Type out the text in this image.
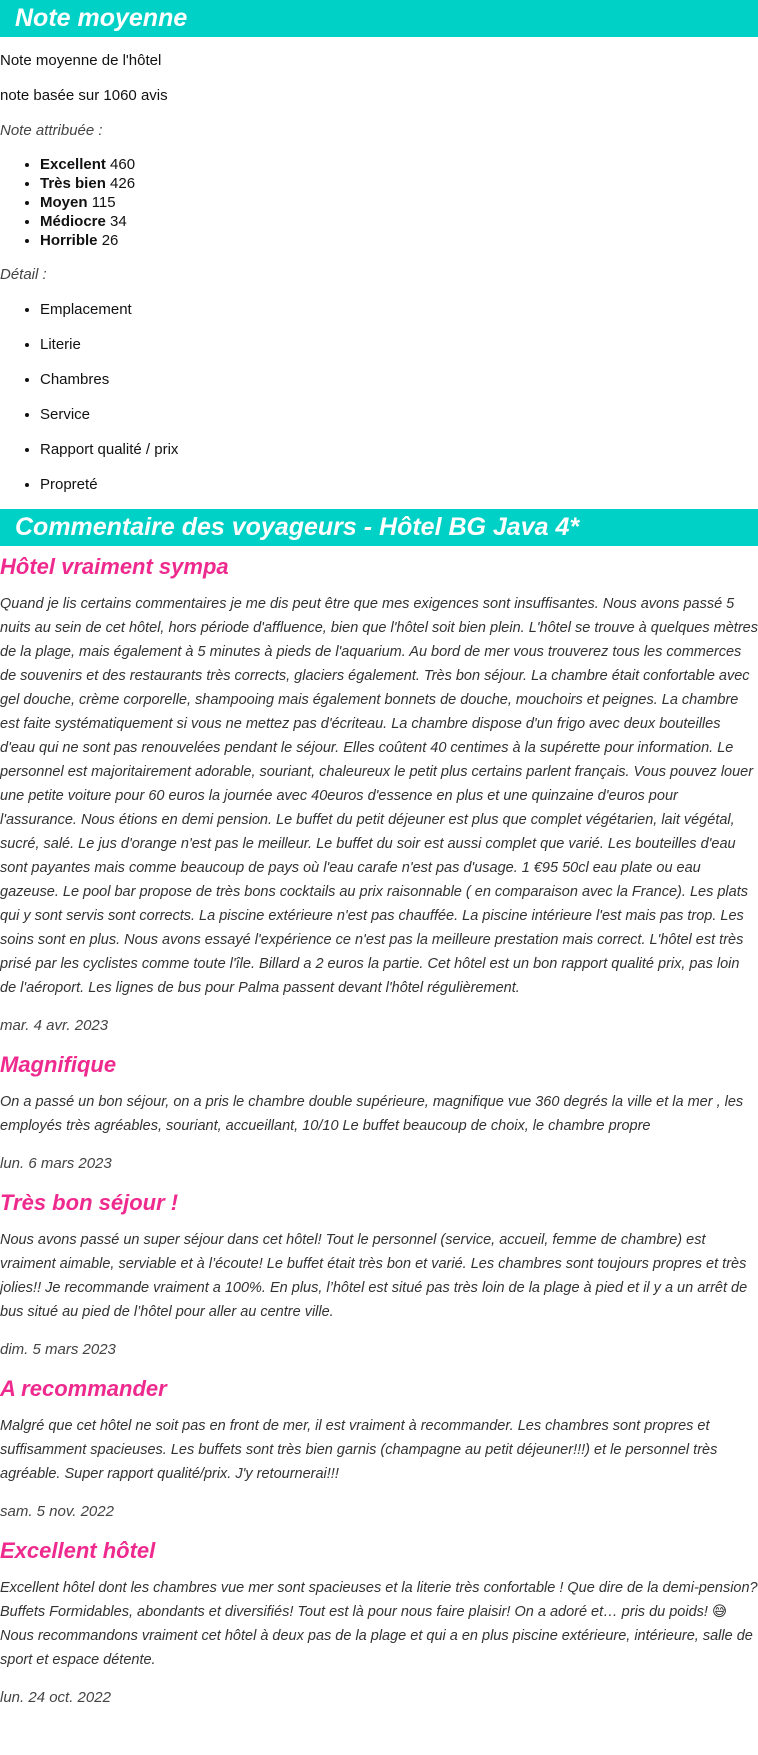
Note moyenne

Note moyenne de l'hôtel

note basée sur 1060 avis

Note attribuée :

• Excellent 460
• Très bien 426
• Moyen 115
• Médiocre 34
• Horrible 26

Détail :

• Emplacement
• Literie
• Chambres
• Service
• Rapport qualité / prix
• Propreté
Commentaire des voyageurs - Hôtel BG Java 4*
Hôtel vraiment sympa

Quand je lis certains commentaires je me dis peut être que mes exigences sont insuffisantes. Nous avons passé 5 nuits au sein de cet hôtel, hors période d'affluence, bien que l'hôtel soit bien plein. L'hôtel se trouve à quelques mètres de la plage, mais également à 5 minutes à pieds de l'aquarium. Au bord de mer vous trouverez tous les commerces de souvenirs et des restaurants très corrects, glaciers également. Très bon séjour. La chambre était confortable avec gel douche, crème corporelle, shampooing mais également bonnets de douche, mouchoirs et peignes. La chambre est faite systématiquement si vous ne mettez pas d'écriteau. La chambre dispose d'un frigo avec deux bouteilles d'eau qui ne sont pas renouvelées pendant le séjour. Elles coûtent 40 centimes à la supérette pour information. Le personnel est majoritairement adorable, souriant, chaleureux le petit plus certains parlent français. Vous pouvez louer une petite voiture pour 60 euros la journée avec 40euros d'essence en plus et une quinzaine d'euros pour l'assurance. Nous étions en demi pension. Le buffet du petit déjeuner est plus que complet végétarien, lait végétal, sucré, salé. Le jus d'orange n'est pas le meilleur. Le buffet du soir est aussi complet que varié. Les bouteilles d'eau sont payantes mais comme beaucoup de pays où l'eau carafe n'est pas d'usage. 1 €95 50cl eau plate ou eau gazeuse. Le pool bar propose de très bons cocktails au prix raisonnable ( en comparaison avec la France). Les plats qui y sont servis sont corrects. La piscine extérieure n'est pas chauffée. La piscine intérieure l'est mais pas trop. Les soins sont en plus. Nous avons essayé l'expérience ce n'est pas la meilleure prestation mais correct. L'hôtel est très prisé par les cyclistes comme toute l'île. Billard a 2 euros la partie. Cet hôtel est un bon rapport qualité prix, pas loin de l'aéroport. Les lignes de bus pour Palma passent devant l'hôtel régulièrement.

mar. 4 avr. 2023

Magnifique

On a passé un bon séjour, on a pris le chambre double supérieure, magnifique vue 360 degrés la ville et la mer , les employés très agréables, souriant, accueillant, 10/10 Le buffet beaucoup de choix, le chambre propre

lun. 6 mars 2023

Très bon séjour !

Nous avons passé un super séjour dans cet hôtel! Tout le personnel (service, accueil, femme de chambre) est vraiment aimable, serviable et à l’écoute! Le buffet était très bon et varié. Les chambres sont toujours propres et très jolies!! Je recommande vraiment a 100%. En plus, l’hôtel est situé pas très loin de la plage à pied et il y a un arrêt de bus situé au pied de l’hôtel pour aller au centre ville.

dim. 5 mars 2023

A recommander

Malgré que cet hôtel ne soit pas en front de mer, il est vraiment à recommander. Les chambres sont propres et suffisamment spacieuses. Les buffets sont très bien garnis (champagne au petit déjeuner!!!) et le personnel très agréable. Super rapport qualité/prix. J'y retournerai!!!

sam. 5 nov. 2022

Excellent hôtel

Excellent hôtel dont les chambres vue mer sont spacieuses et la literie très confortable ! Que dire de la demi-pension? Buffets Formidables, abondants et diversifiés! Tout est là pour nous faire plaisir! On a adoré et… pris du poids! 😅 Nous recommandons vraiment cet hôtel à deux pas de la plage et qui a en plus piscine extérieure, intérieure, salle de sport et espace détente.

lun. 24 oct. 2022
